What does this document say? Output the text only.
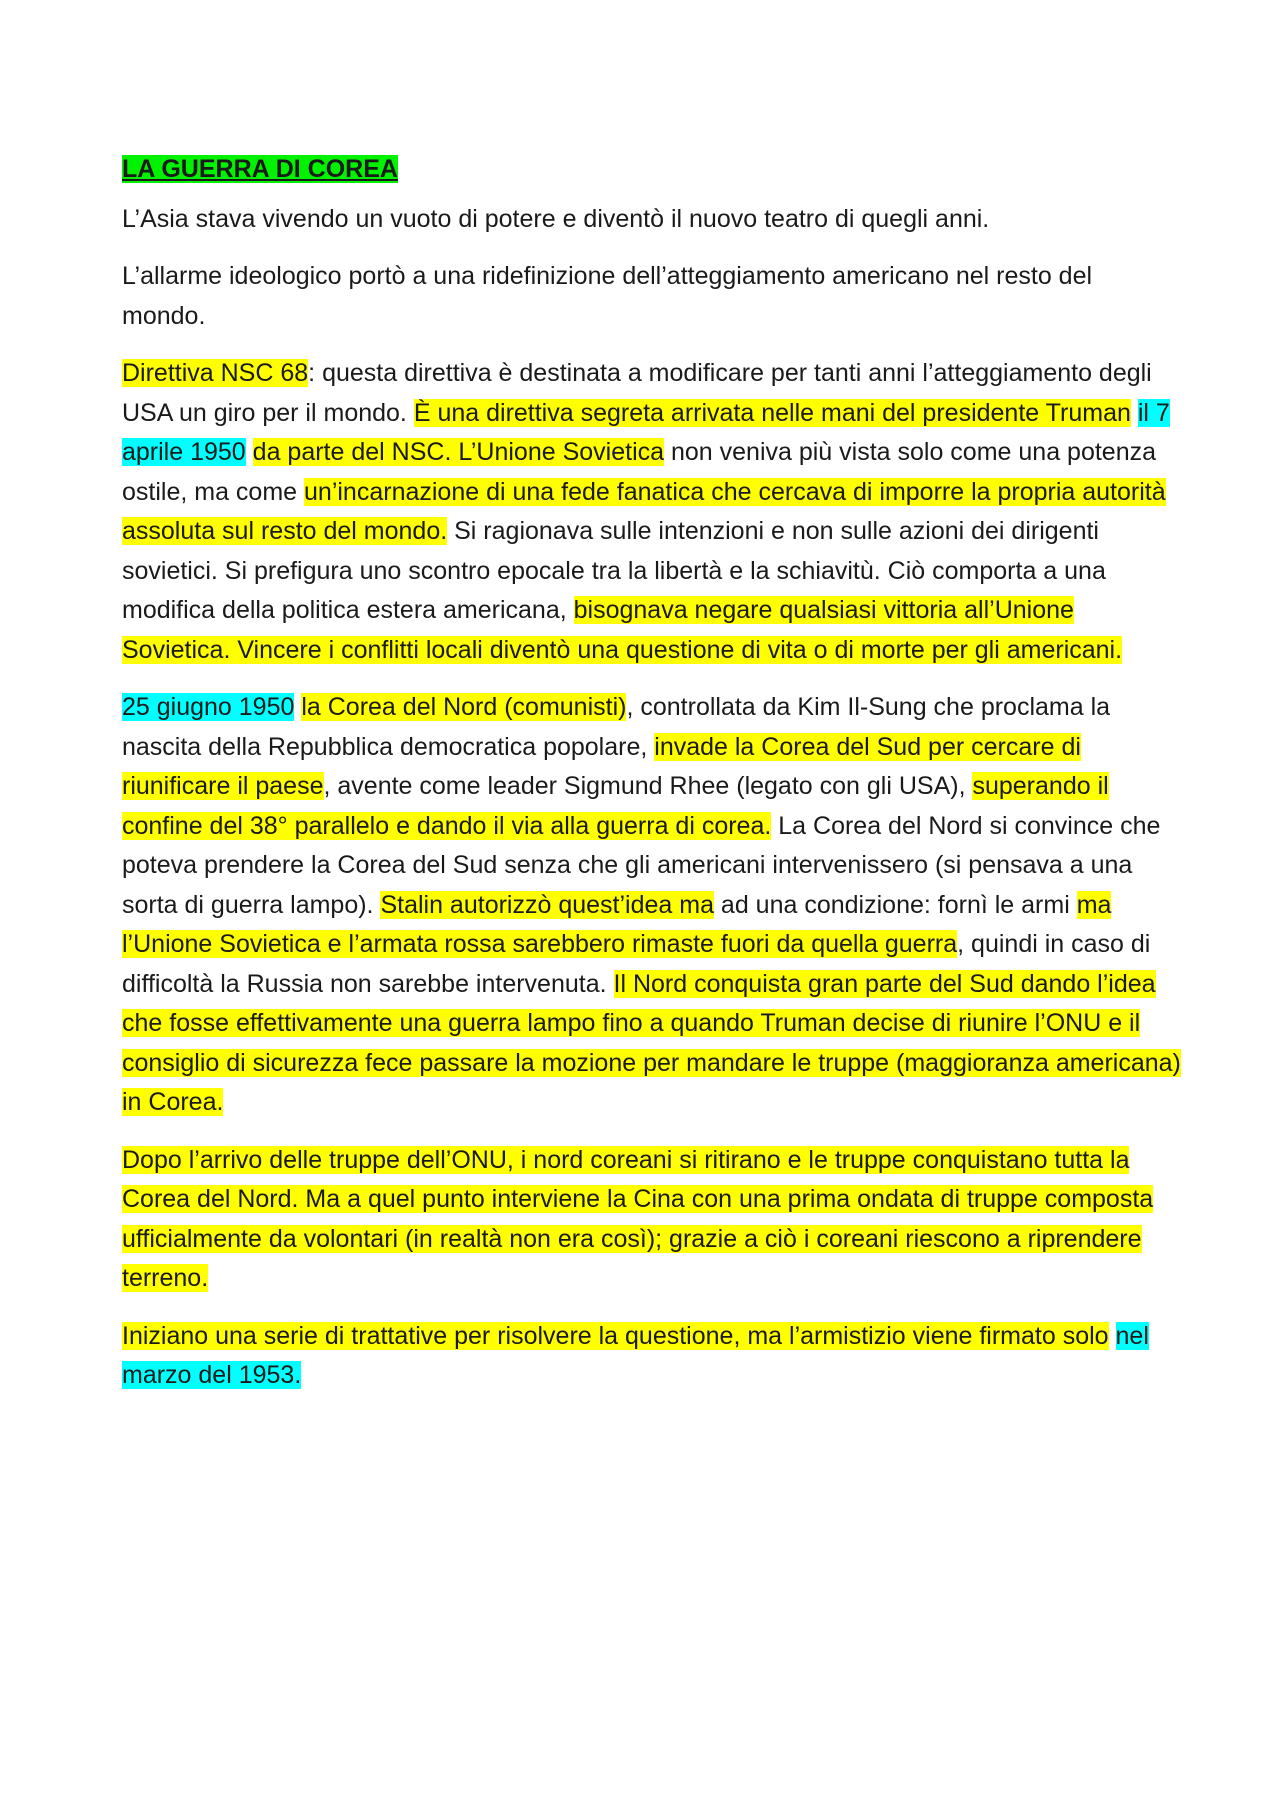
LA GUERRA DI COREA

L’Asia stava vivendo un vuoto di potere e diventò il nuovo teatro di quegli anni.

L’allarme ideologico portò a una ridefinizione dell’atteggiamento americano nel resto del mondo.

Direttiva NSC 68: questa direttiva è destinata a modificare per tanti anni l’atteggiamento degli USA un giro per il mondo. È una direttiva segreta arrivata nelle mani del presidente Truman il 7 aprile 1950 da parte del NSC. L’Unione Sovietica non veniva più vista solo come una potenza ostile, ma come un’incarnazione di una fede fanatica che cercava di imporre la propria autorità assoluta sul resto del mondo. Si ragionava sulle intenzioni e non sulle azioni dei dirigenti sovietici. Si prefigura uno scontro epocale tra la libertà e la schiavitù. Ciò comporta a una modifica della politica estera americana, bisognava negare qualsiasi vittoria all’Unione Sovietica. Vincere i conflitti locali diventò una questione di vita o di morte per gli americani.

25 giugno 1950 la Corea del Nord (comunisti), controllata da Kim Il-Sung che proclama la nascita della Repubblica democratica popolare, invade la Corea del Sud per cercare di riunificare il paese, avente come leader Sigmund Rhee (legato con gli USA), superando il confine del 38° parallelo e dando il via alla guerra di corea. La Corea del Nord si convince che poteva prendere la Corea del Sud senza che gli americani intervenissero (si pensava a una sorta di guerra lampo). Stalin autorizzò quest’idea ma ad una condizione: fornì le armi ma l’Unione Sovietica e l’armata rossa sarebbero rimaste fuori da quella guerra, quindi in caso di difficoltà la Russia non sarebbe intervenuta. Il Nord conquista gran parte del Sud dando l’idea che fosse effettivamente una guerra lampo fino a quando Truman decise di riunire l’ONU e il consiglio di sicurezza fece passare la mozione per mandare le truppe (maggioranza americana) in Corea.

Dopo l’arrivo delle truppe dell’ONU, i nord coreani si ritirano e le truppe conquistano tutta la Corea del Nord. Ma a quel punto interviene la Cina con una prima ondata di truppe composta ufficialmente da volontari (in realtà non era così); grazie a ciò i coreani riescono a riprendere terreno.

Iniziano una serie di trattative per risolvere la questione, ma l’armistizio viene firmato solo nel marzo del 1953.
